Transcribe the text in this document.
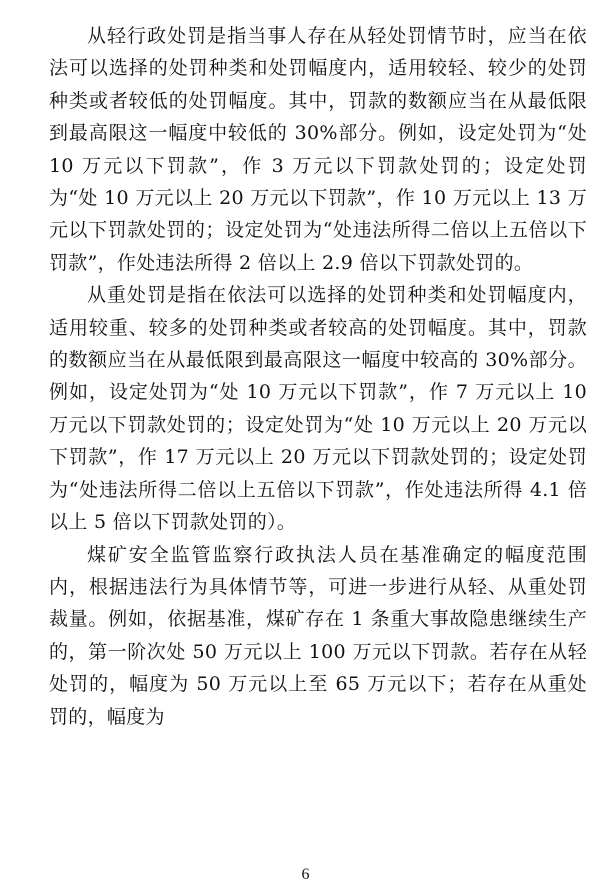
从轻行政处罚是指当事人存在从轻处罚情节时，应当在依法可以选择的处罚种类和处罚幅度内，适用较轻、较少的处罚种类或者较低的处罚幅度。其中，罚款的数额应当在从最低限到最高限这一幅度中较低的 30%部分。例如，设定处罚为“处 10 万元以下罚款”，作 3 万元以下罚款处罚的；设定处罚为“处 10 万元以上 20 万元以下罚款”，作 10 万元以上 13 万元以下罚款处罚的；设定处罚为“处违法所得二倍以上五倍以下罚款”，作处违法所得 2 倍以上 2.9 倍以下罚款处罚的。

从重处罚是指在依法可以选择的处罚种类和处罚幅度内，适用较重、较多的处罚种类或者较高的处罚幅度。其中，罚款的数额应当在从最低限到最高限这一幅度中较高的 30%部分。例如，设定处罚为“处 10 万元以下罚款”，作 7 万元以上 10 万元以下罚款处罚的；设定处罚为“处 10 万元以上 20 万元以下罚款”，作 17 万元以上 20 万元以下罚款处罚的；设定处罚为“处违法所得二倍以上五倍以下罚款”，作处违法所得 4.1 倍以上 5 倍以下罚款处罚的）。

煤矿安全监管监察行政执法人员在基准确定的幅度范围内，根据违法行为具体情节等，可进一步进行从轻、从重处罚裁量。例如，依据基准，煤矿存在 1 条重大事故隐患继续生产的，第一阶次处 50 万元以上 100 万元以下罚款。若存在从轻处罚的，幅度为 50 万元以上至 65 万元以下；若存在从重处罚的，幅度为

6
